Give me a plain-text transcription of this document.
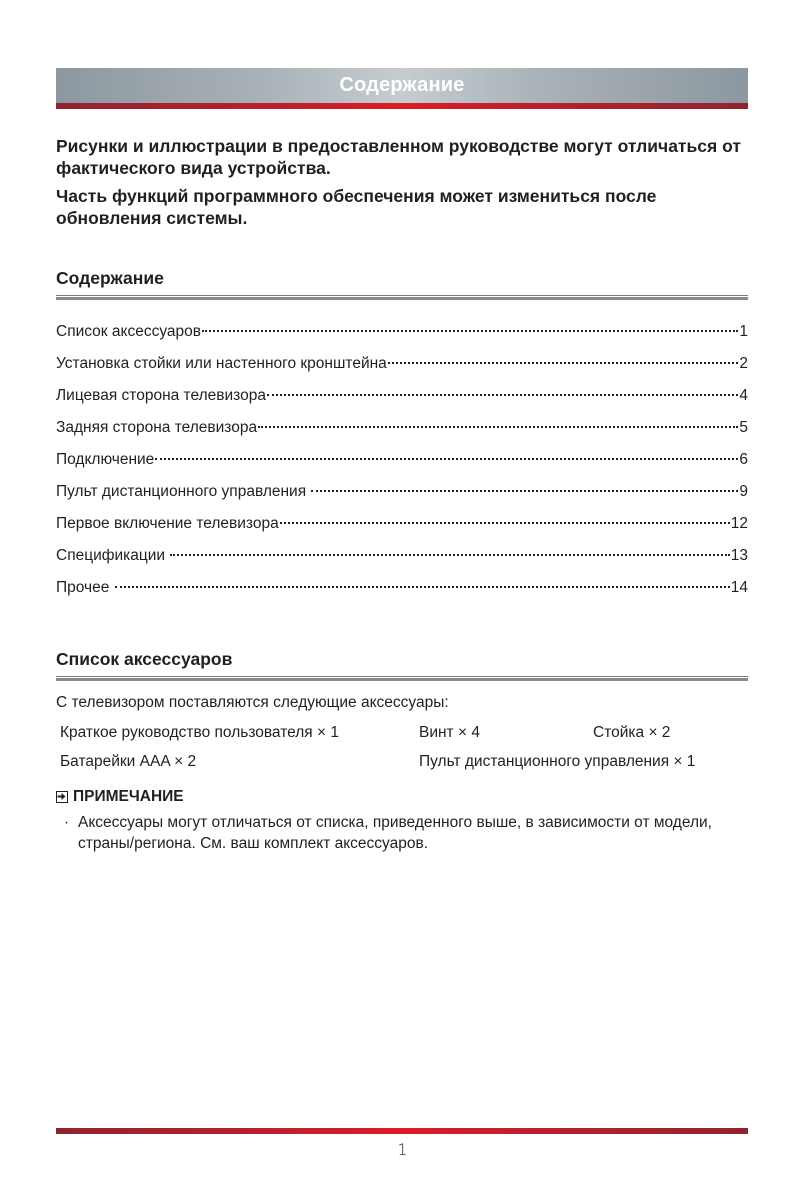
Содержание

Рисунки и иллюстрации в предоставленном руководстве могут отличаться от фактического вида устройства.

Часть функций программного обеспечения может измениться после обновления системы.

Содержание
Список аксессуаров	1
Установка стойки или настенного кронштейна	2
Лицевая сторона телевизора	4
Задняя сторона телевизора	5
Подключение	6
Пульт дистанционного управления	9
Первое включение телевизора	12
Спецификации	13
Прочее	14
Список аксессуаров
С телевизором поставляются следующие аксессуары:
Краткое руководство пользователя × 1	Винт × 4	Стойка × 2
Батарейки AAA × 2	Пульт дистанционного управления × 1
ПРИМЕЧАНИЕ
· Аксессуары могут отличаться от списка, приведенного выше, в зависимости от модели, страны/региона. См. ваш комплект аксессуаров.
1
